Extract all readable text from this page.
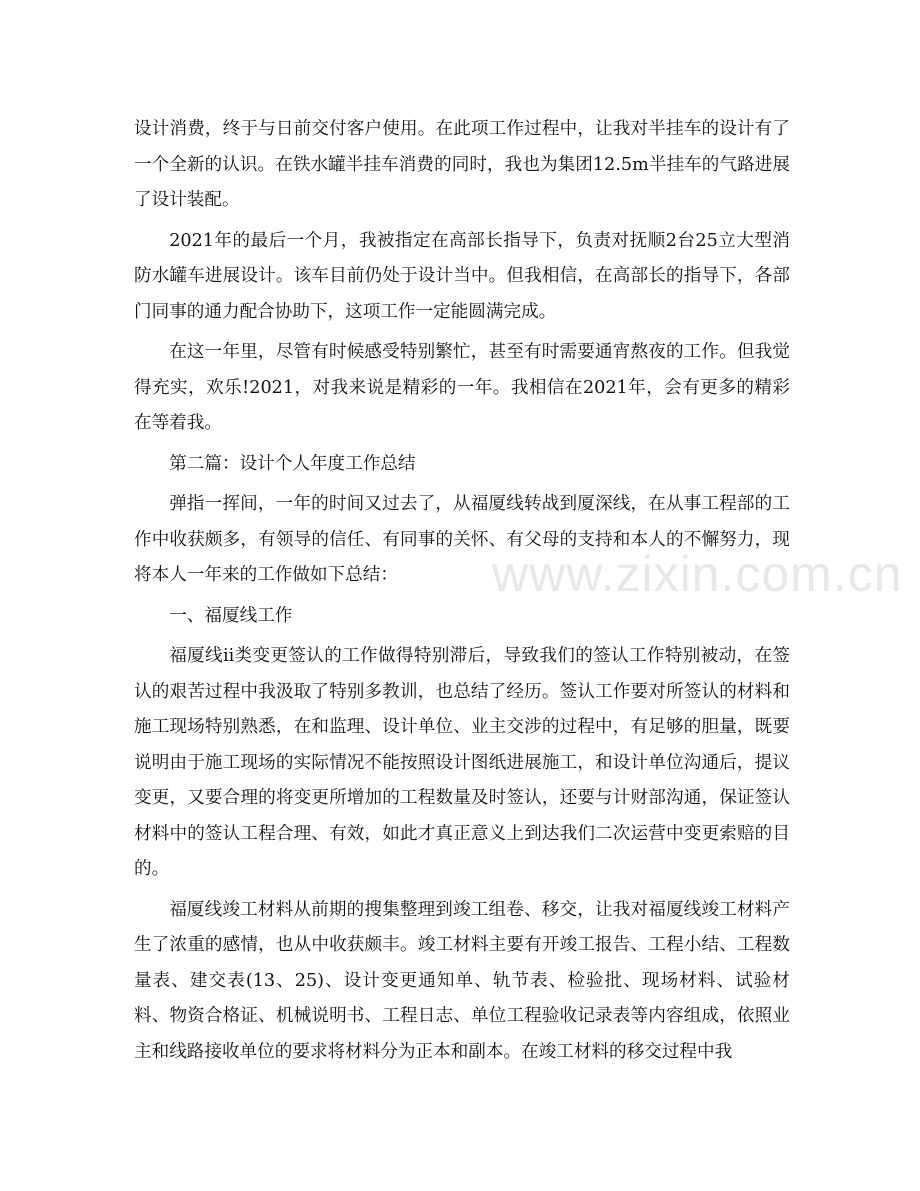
设计消费，终于与日前交付客户使用。在此项工作过程中，让我对半挂车的设计有了一个全新的认识。在铁水罐半挂车消费的同时，我也为集团12.5m半挂车的气路进展了设计装配。

2021年的最后一个月，我被指定在高部长指导下，负责对抚顺2台25立大型消防水罐车进展设计。该车目前仍处于设计当中。但我相信，在高部长的指导下，各部门同事的通力配合协助下，这项工作一定能圆满完成。

在这一年里，尽管有时候感受特别繁忙，甚至有时需要通宵熬夜的工作。但我觉得充实，欢乐!2021，对我来说是精彩的一年。我相信在2021年，会有更多的精彩在等着我。

第二篇：设计个人年度工作总结

弹指一挥间，一年的时间又过去了，从福厦线转战到厦深线，在从事工程部的工作中收获颇多，有领导的信任、有同事的关怀、有父母的支持和本人的不懈努力，现将本人一年来的工作做如下总结：

一、福厦线工作

福厦线ii类变更签认的工作做得特别滞后，导致我们的签认工作特别被动，在签认的艰苦过程中我汲取了特别多教训，也总结了经历。签认工作要对所签认的材料和施工现场特别熟悉，在和监理、设计单位、业主交涉的过程中，有足够的胆量，既要说明由于施工现场的实际情况不能按照设计图纸进展施工，和设计单位沟通后，提议变更，又要合理的将变更所增加的工程数量及时签认，还要与计财部沟通，保证签认材料中的签认工程合理、有效，如此才真正意义上到达我们二次运营中变更索赔的目的。

福厦线竣工材料从前期的搜集整理到竣工组卷、移交，让我对福厦线竣工材料产生了浓重的感情，也从中收获颇丰。竣工材料主要有开竣工报告、工程小结、工程数量表、建交表(13、25)、设计变更通知单、轨节表、检验批、现场材料、试验材料、物资合格证、机械说明书、工程日志、单位工程验收记录表等内容组成，依照业主和线路接收单位的要求将材料分为正本和副本。在竣工材料的移交过程中我

www.zixin.com.cn
